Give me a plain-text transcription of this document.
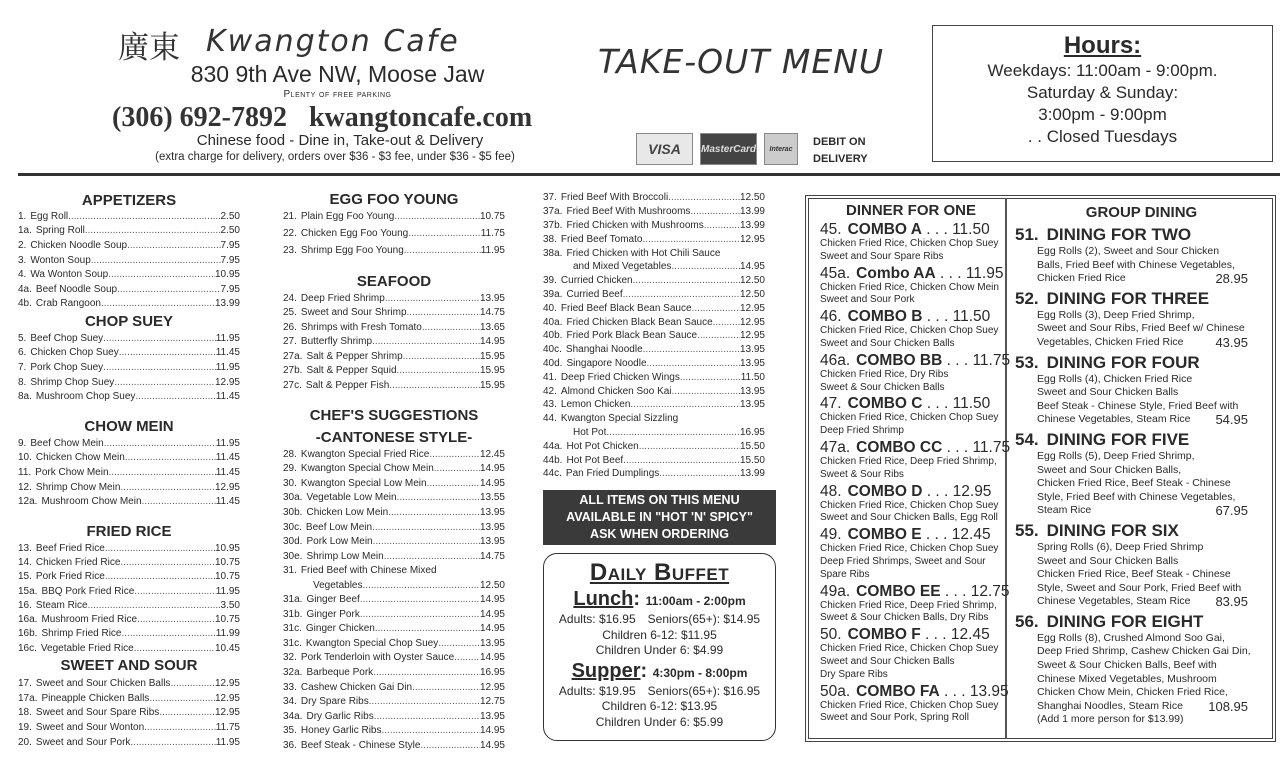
廣東 Kwangton Cafe
830 9th Ave NW, Moose Jaw
Plenty of free parking
(306) 692-7892 kwangtoncafe.com
Chinese food - Dine in, Take-out & Delivery
(extra charge for delivery, orders over $36 - $3 fee, under $36 - $5 fee)
TAKE-OUT MENU
VISA	MasterCard	Interac
DEBIT ON
DELIVERY
Hours:
Weekdays: 11:00am - 9:00pm.
Saturday & Sunday:
3:00pm - 9:00pm
. . Closed Tuesdays
APPETIZERS
1. Egg Roll .....	2.50
1a. Spring Roll .....	2.50
2. Chicken Noodle Soup .....	7.95
3. Wonton Soup .....	7.95
4. Wa Wonton Soup .....	10.95
4a. Beef Noodle Soup .....	7.95
4b. Crab Rangoon .....	13.99
CHOP SUEY
5. Beef Chop Suey .....	11.95
6. Chicken Chop Suey .....	11.45
7. Pork Chop Suey .....	11.95
8. Shrimp Chop Suey .....	12.95
8a. Mushroom Chop Suey .....	11.45
CHOW MEIN
9. Beef Chow Mein .....	11.95
10. Chicken Chow Mein .....	11.45
11. Pork Chow Mein .....	11.45
12. Shrimp Chow Mein .....	12.95
12a. Mushroom Chow Mein .....	11.45
FRIED RICE
13. Beef Fried Rice .....	10.95
14. Chicken Fried Rice .....	10.75
15. Pork Fried Rice .....	10.75
15a. BBQ Pork Fried Rice .....	11.95
16. Steam Rice .....	3.50
16a. Mushroom Fried Rice .....	10.75
16b. Shrimp Fried Rice .....	11.99
16c. Vegetable Fried Rice .....	10.45
SWEET AND SOUR
17. Sweet and Sour Chicken Balls .....	12.95
17a. Pineapple Chicken Balls .....	12.95
18. Sweet and Sour Spare Ribs .....	12.95
19. Sweet and Sour Wonton .....	11.75
20. Sweet and Sour Pork .....	11.95
EGG FOO YOUNG
21. Plain Egg Foo Young .....	10.75
22. Chicken Egg Foo Young .....	11.75
23. Shrimp Egg Foo Young .....	11.95
SEAFOOD
24. Deep Fried Shrimp .....	13.95
25. Sweet and Sour Shrimp .....	14.75
26. Shrimps with Fresh Tomato .....	13.65
27. Butterfly Shrimp .....	14.95
27a. Salt & Pepper Shrimp .....	15.95
27b. Salt & Pepper Squid .....	15.95
27c. Salt & Pepper Fish .....	15.95
CHEF'S SUGGESTIONS
-CANTONESE STYLE-
28. Kwangton Special Fried Rice .....	12.45
29. Kwangton Special Chow Mein .....	14.95
30. Kwangton Special Low Mein .....	14.95
30a. Vegetable Low Mein .....	13.55
30b. Chicken Low Mein .....	13.95
30c. Beef Low Mein .....	13.95
30d. Pork Low Mein .....	13.95
30e. Shrimp Low Mein .....	14.75
31. Fried Beef with Chinese Mixed
Vegetables .....	12.50
31a. Ginger Beef .....	14.95
31b. Ginger Pork .....	14.95
31c. Ginger Chicken .....	14.95
31c. Kwangton Special Chop Suey .....	13.95
32. Pork Tenderloin with Oyster Sauce .....	14.95
32a. Barbeque Pork .....	16.95
33. Cashew Chicken Gai Din .....	12.95
34. Dry Spare Ribs .....	12.75
34a. Dry Garlic Ribs .....	13.95
35. Honey Garlic Ribs .....	14.95
36. Beef Steak - Chinese Style .....	14.95
37. Fried Beef With Broccoli .....	12.50
37a. Fried Beef With Mushrooms .....	13.99
37b. Fried Chicken with Mushrooms .....	13.99
38. Fried Beef Tomato .....	12.95
38a. Fried Chicken with Hot Chili Sauce
and Mixed Vegetables .....	14.95
39. Curried Chicken .....	12.50
39a. Curried Beef .....	12.50
40. Fried Beef Black Bean Sauce .....	12.95
40a. Fried Chicken Black Bean Sauce .....	12.95
40b. Fried Pork Black Bean Sauce .....	12.95
40c. Shanghai Noodle .....	13.95
40d. Singapore Noodle .....	13.95
41. Deep Fried Chicken Wings .....	11.50
42. Almond Chicken Soo Kai .....	13.95
43. Lemon Chicken .....	13.95
44. Kwangton Special Sizzling
Hot Pot .....	16.95
44a. Hot Pot Chicken .....	15.50
44b. Hot Pot Beef .....	15.50
44c. Pan Fried Dumplings .....	13.99
ALL ITEMS ON THIS MENU
AVAILABLE IN "HOT 'N' SPICY"
ASK WHEN ORDERING
Daily Buffet
Lunch: 11:00am - 2:00pm
Adults: $16.95 Seniors(65+): $14.95
Children 6-12: $11.95
Children Under 6: $4.99
Supper: 4:30pm - 8:00pm
Adults: $19.95 Seniors(65+): $16.95
Children 6-12: $13.95
Children Under 6: $5.99
DINNER FOR ONE
45. COMBO A . . . 11.50
Chicken Fried Rice, Chicken Chop Suey
Sweet and Sour Spare Ribs
45a. Combo AA . . . 11.95
Chicken Fried Rice, Chicken Chow Mein
Sweet and Sour Pork
46. COMBO B . . . 11.50
Chicken Fried Rice, Chicken Chop Suey
Sweet and Sour Chicken Balls
46a. COMBO BB . . . 11.75
Chicken Fried Rice, Dry Ribs
Sweet & Sour Chicken Balls
47. COMBO C . . . 11.50
Chicken Fried Rice, Chicken Chop Suey
Deep Fried Shrimp
47a. COMBO CC . . . 11.75
Chicken Fried Rice, Deep Fried Shrimp,
Sweet & Sour Ribs
48. COMBO D . . . 12.95
Chicken Fried Rice, Chicken Chop Suey
Sweet and Sour Chicken Balls, Egg Roll
49. COMBO E . . . 12.45
Chicken Fried Rice, Chicken Chop Suey
Deep Fried Shrimps, Sweet and Sour
Spare Ribs
49a. COMBO EE . . . 12.75
Chicken Fried Rice, Deep Fried Shrimp,
Sweet & Sour Chicken Balls, Dry Ribs
50. COMBO F . . . 12.45
Chicken Fried Rice, Chicken Chop Suey
Sweet and Sour Chicken Balls
Dry Spare Ribs
50a. COMBO FA . . . 13.95
Chicken Fried Rice, Chicken Chop Suey
Sweet and Sour Pork, Spring Roll
GROUP DINING
51. DINING FOR TWO
Egg Rolls (2), Sweet and Sour Chicken
Balls, Fried Beef with Chinese Vegetables,
Chicken Fried Rice	28.95
52. DINING FOR THREE
Egg Rolls (3), Deep Fried Shrimp,
Sweet and Sour Ribs, Fried Beef w/ Chinese
Vegetables, Chicken Fried Rice 43.95
53. DINING FOR FOUR
Egg Rolls (4), Chicken Fried Rice
Sweet and Sour Chicken Balls
Beef Steak - Chinese Style, Fried Beef with
Chinese Vegetables, Steam Rice 54.95
54. DINING FOR FIVE
Egg Rolls (5), Deep Fried Shrimp,
Sweet and Sour Chicken Balls,
Chicken Fried Rice, Beef Steak - Chinese
Style, Fried Beef with Chinese Vegetables,
Steam Rice	67.95
55. DINING FOR SIX
Spring Rolls (6), Deep Fried Shrimp
Sweet and Sour Chicken Balls
Chicken Fried Rice, Beef Steak - Chinese
Style, Sweet and Sour Pork, Fried Beef with
Chinese Vegetables, Steam Rice 83.95
56. DINING FOR EIGHT
Egg Rolls (8), Crushed Almond Soo Gai,
Deep Fried Shrimp, Cashew Chicken Gai Din,
Sweet & Sour Chicken Balls, Beef with
Chinese Mixed Vegetables, Mushroom
Chicken Chow Mein, Chicken Fried Rice,
Shanghai Noodles, Steam Rice 108.95
(Add 1 more person for $13.99)
